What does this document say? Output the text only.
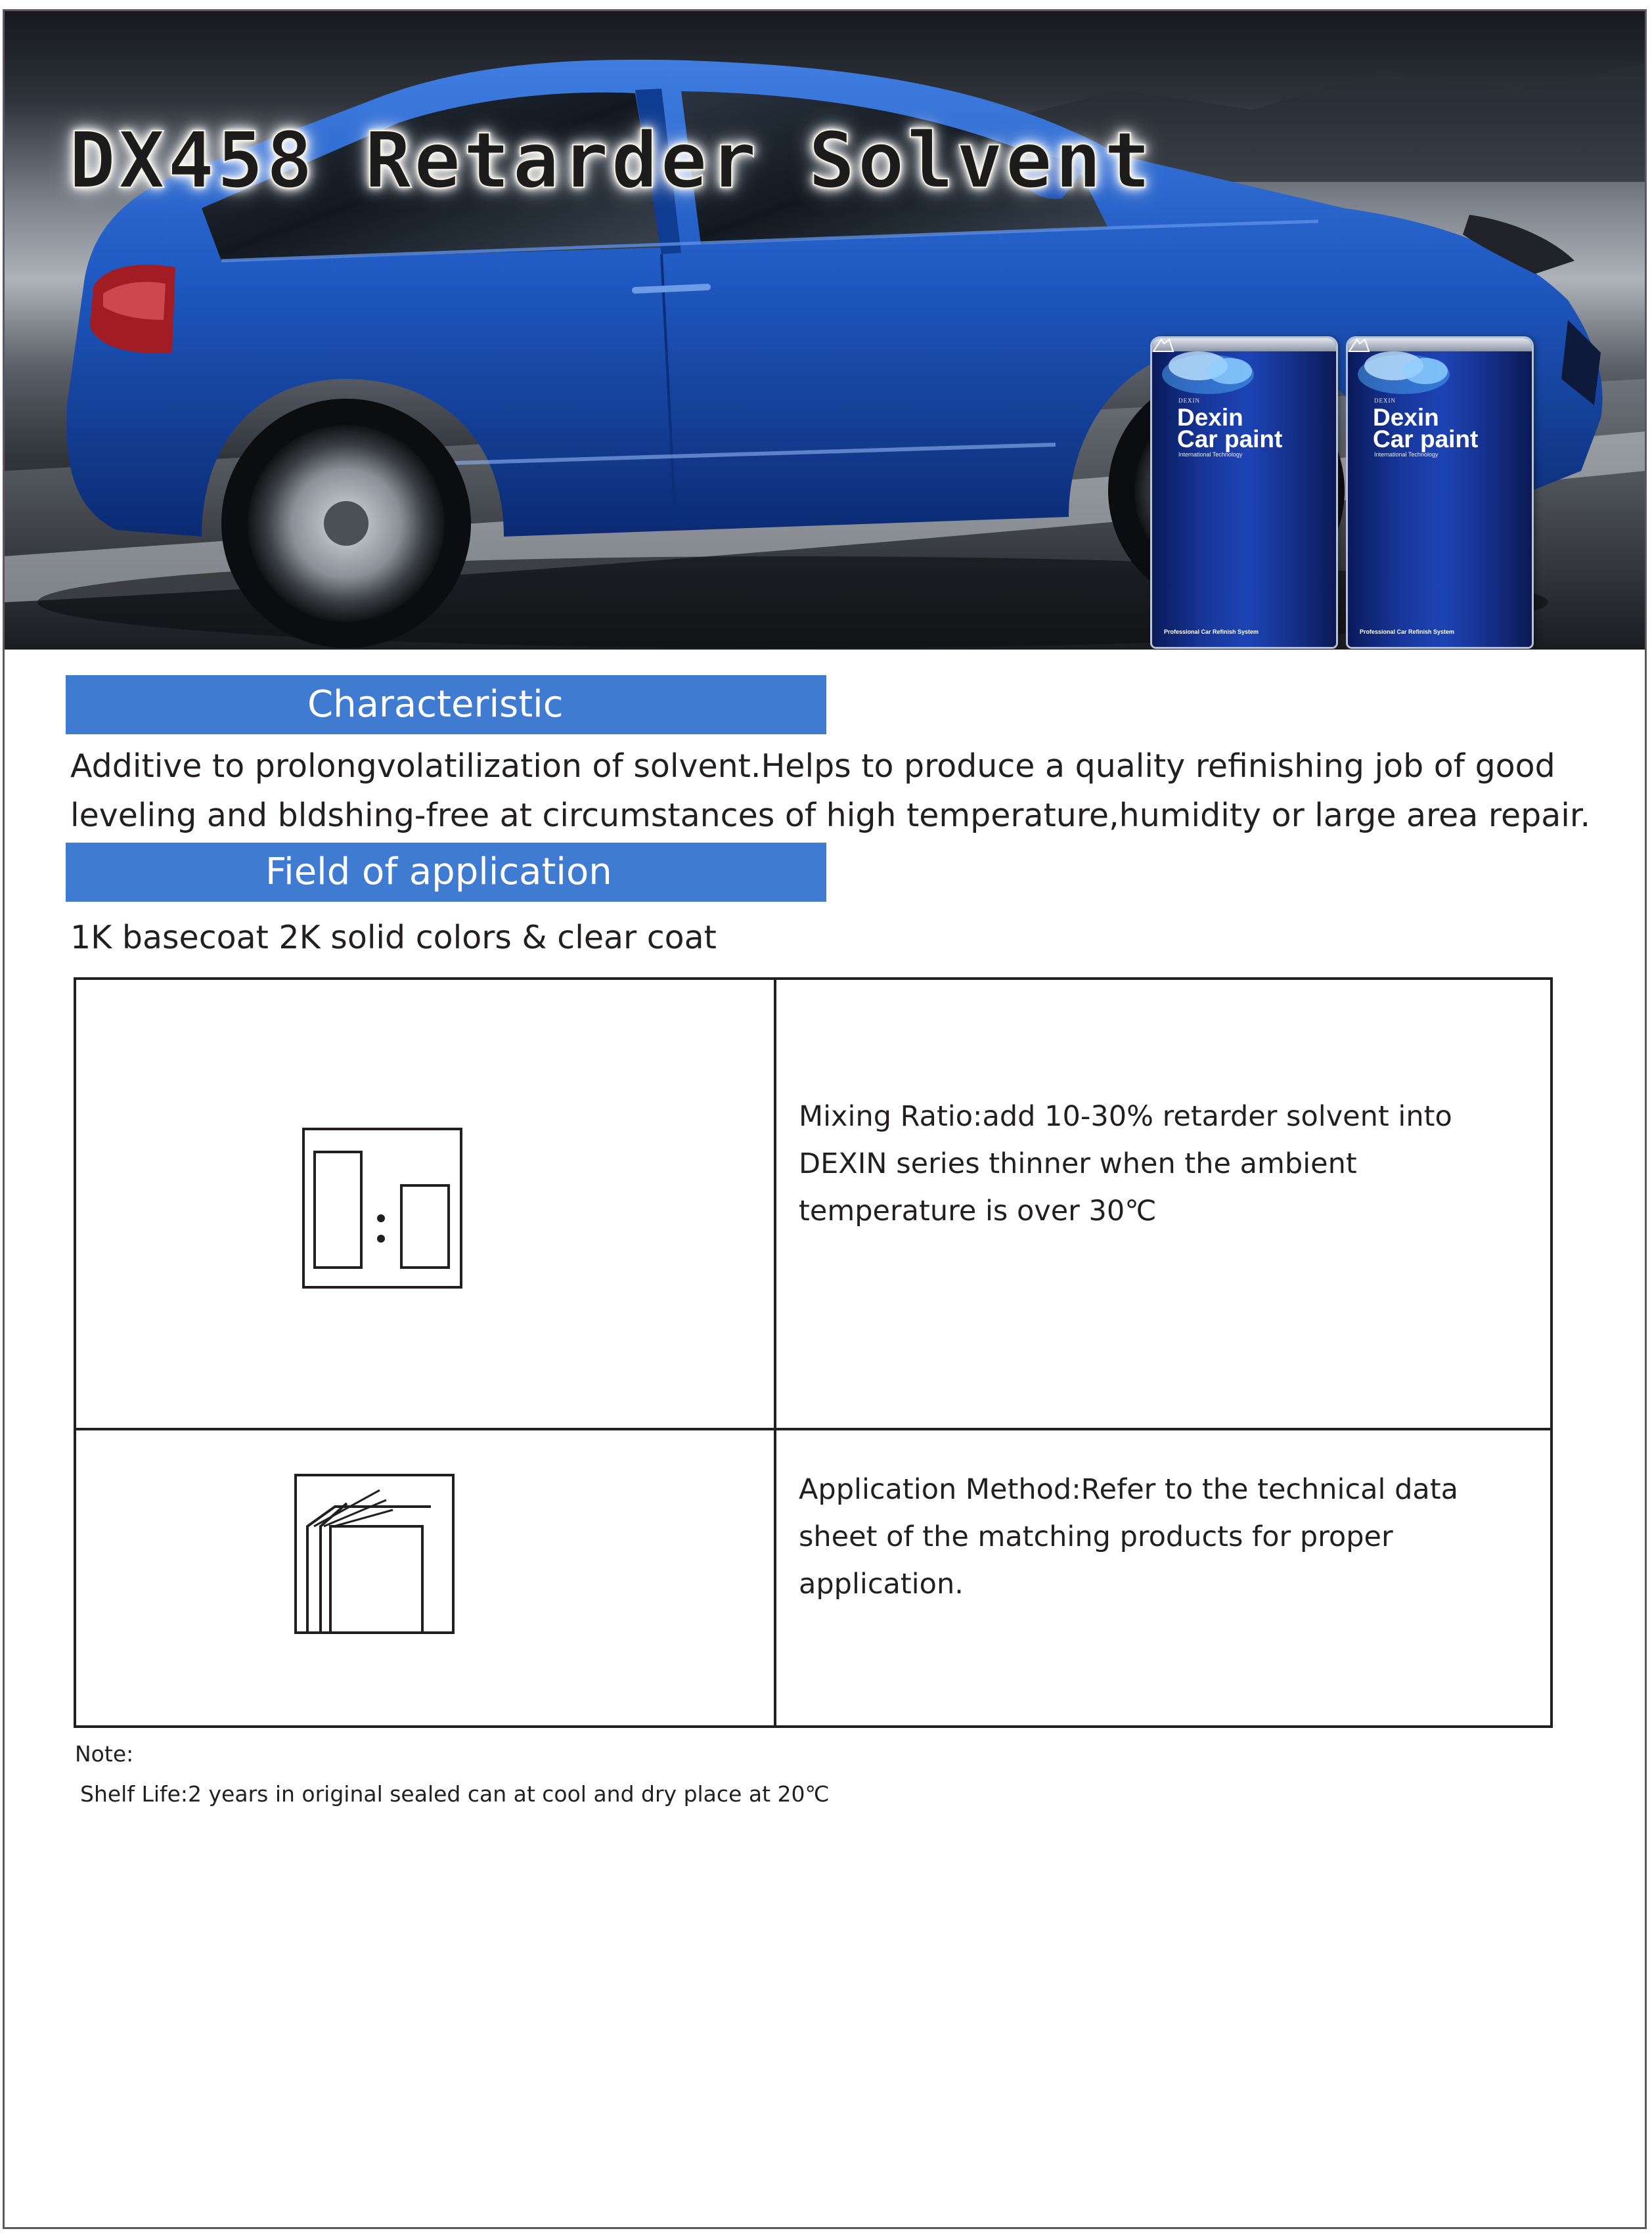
DX458 Retarder Solvent
DEXIN
Dexin
Car paint
International Technology
Professional Car Refinish System
DEXIN
Dexin
Car paint
International Technology
Professional Car Refinish System
Characteristic
Additive to prolongvolatilization of solvent.Helps to produce a quality refinishing job of good
leveling and bldshing-free at circumstances of high temperature,humidity or large area repair.
Field of application

1K basecoat 2K solid colors & clear coat

Mixing Ratio:add 10-30% retarder solvent into DEXIN series thinner when the ambient temperature is over 30℃

Application Method:Refer to the technical data sheet of the matching products for proper application.

Note:
Shelf Life:2 years in original sealed can at cool and dry place at 20℃
